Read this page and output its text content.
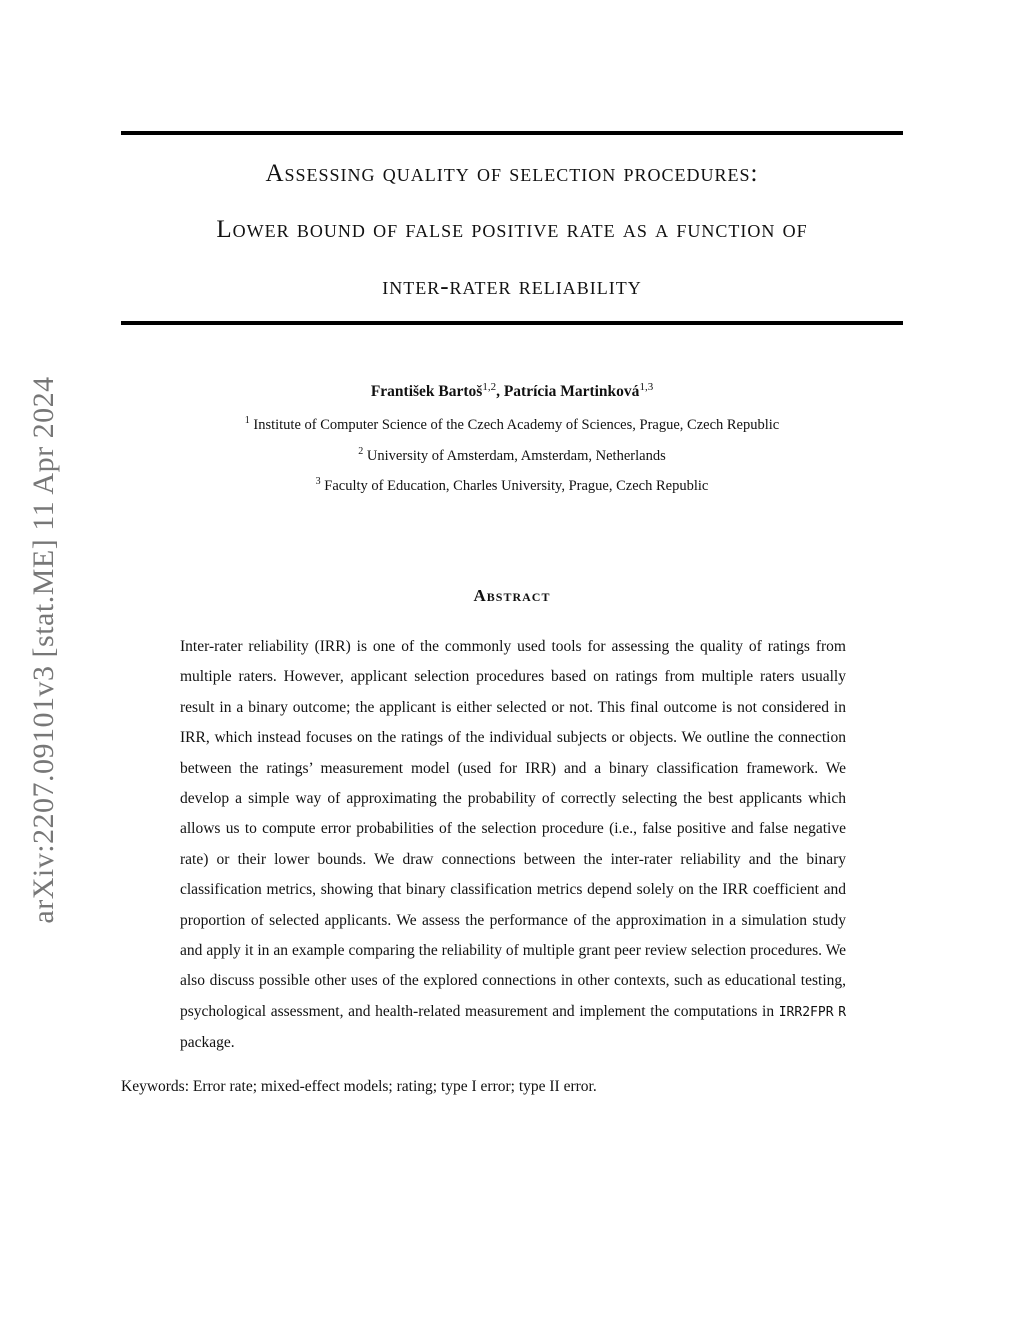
arXiv:2207.09101v3 [stat.ME] 11 Apr 2024
Assessing quality of selection procedures:
Lower bound of false positive rate as a function of
inter-rater reliability
František Bartoš$^{1,2}$, Patrícia Martinková$^{1,3}$
$^1$ Institute of Computer Science of the Czech Academy of Sciences, Prague, Czech Republic
$^2$ University of Amsterdam, Amsterdam, Netherlands
$^3$ Faculty of Education, Charles University, Prague, Czech Republic
Abstract
Inter-rater reliability (IRR) is one of the commonly used tools for assessing the quality of ratings from multiple raters. However, applicant selection procedures based on ratings from multiple raters usually result in a binary outcome; the applicant is either selected or not. This final outcome is not considered in IRR, which instead focuses on the ratings of the individual subjects or objects. We outline the connection between the ratings’ measurement model (used for IRR) and a binary classification framework. We develop a simple way of approximating the probability of correctly selecting the best applicants which allows us to compute error probabilities of the selection procedure (i.e., false positive and false negative rate) or their lower bounds. We draw connections between the inter-rater reliability and the binary classification metrics, showing that binary classification metrics depend solely on the IRR coefficient and proportion of selected applicants. We assess the performance of the approximation in a simulation study and apply it in an example comparing the reliability of multiple grant peer review selection procedures. We also discuss possible other uses of the explored connections in other contexts, such as educational testing, psychological assessment, and health-related measurement and implement the computations in IRR2FPR R package.
Keywords: Error rate; mixed-effect models; rating; type I error; type II error.
